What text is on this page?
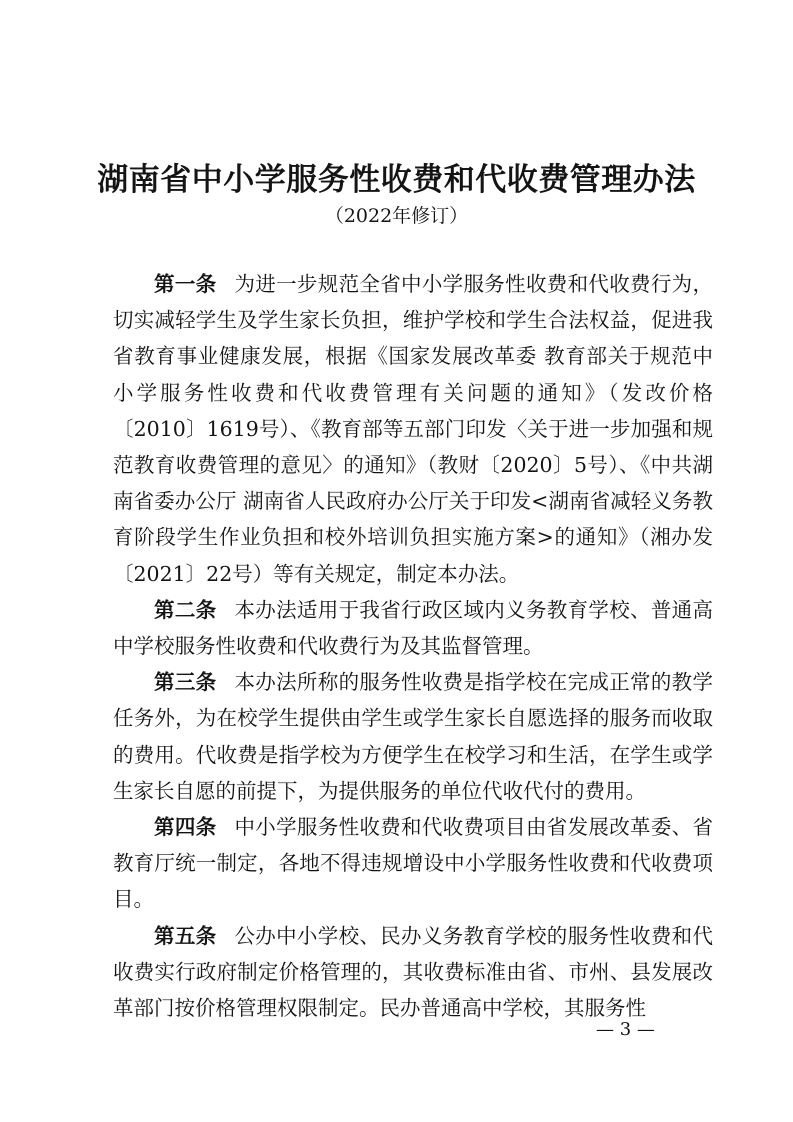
湖南省中小学服务性收费和代收费管理办法
（2022年修订）

第一条 为进一步规范全省中小学服务性收费和代收费行为，切实减轻学生及学生家长负担，维护学校和学生合法权益，促进我省教育事业健康发展，根据《国家发展改革委 教育部关于规范中小学服务性收费和代收费管理有关问题的通知》（发改价格〔2010〕1619号）、《教育部等五部门印发〈关于进一步加强和规范教育收费管理的意见〉的通知》（教财〔2020〕5号）、《中共湖南省委办公厅 湖南省人民政府办公厅关于印发<湖南省减轻义务教育阶段学生作业负担和校外培训负担实施方案>的通知》（湘办发〔2021〕22号）等有关规定，制定本办法。

第二条 本办法适用于我省行政区域内义务教育学校、普通高中学校服务性收费和代收费行为及其监督管理。

第三条 本办法所称的服务性收费是指学校在完成正常的教学任务外，为在校学生提供由学生或学生家长自愿选择的服务而收取的费用。代收费是指学校为方便学生在校学习和生活，在学生或学生家长自愿的前提下，为提供服务的单位代收代付的费用。

第四条 中小学服务性收费和代收费项目由省发展改革委、省教育厅统一制定，各地不得违规增设中小学服务性收费和代收费项目。

第五条 公办中小学校、民办义务教育学校的服务性收费和代收费实行政府制定价格管理的，其收费标准由省、市州、县发展改革部门按价格管理权限制定。民办普通高中学校，其服务性

— 3 —
